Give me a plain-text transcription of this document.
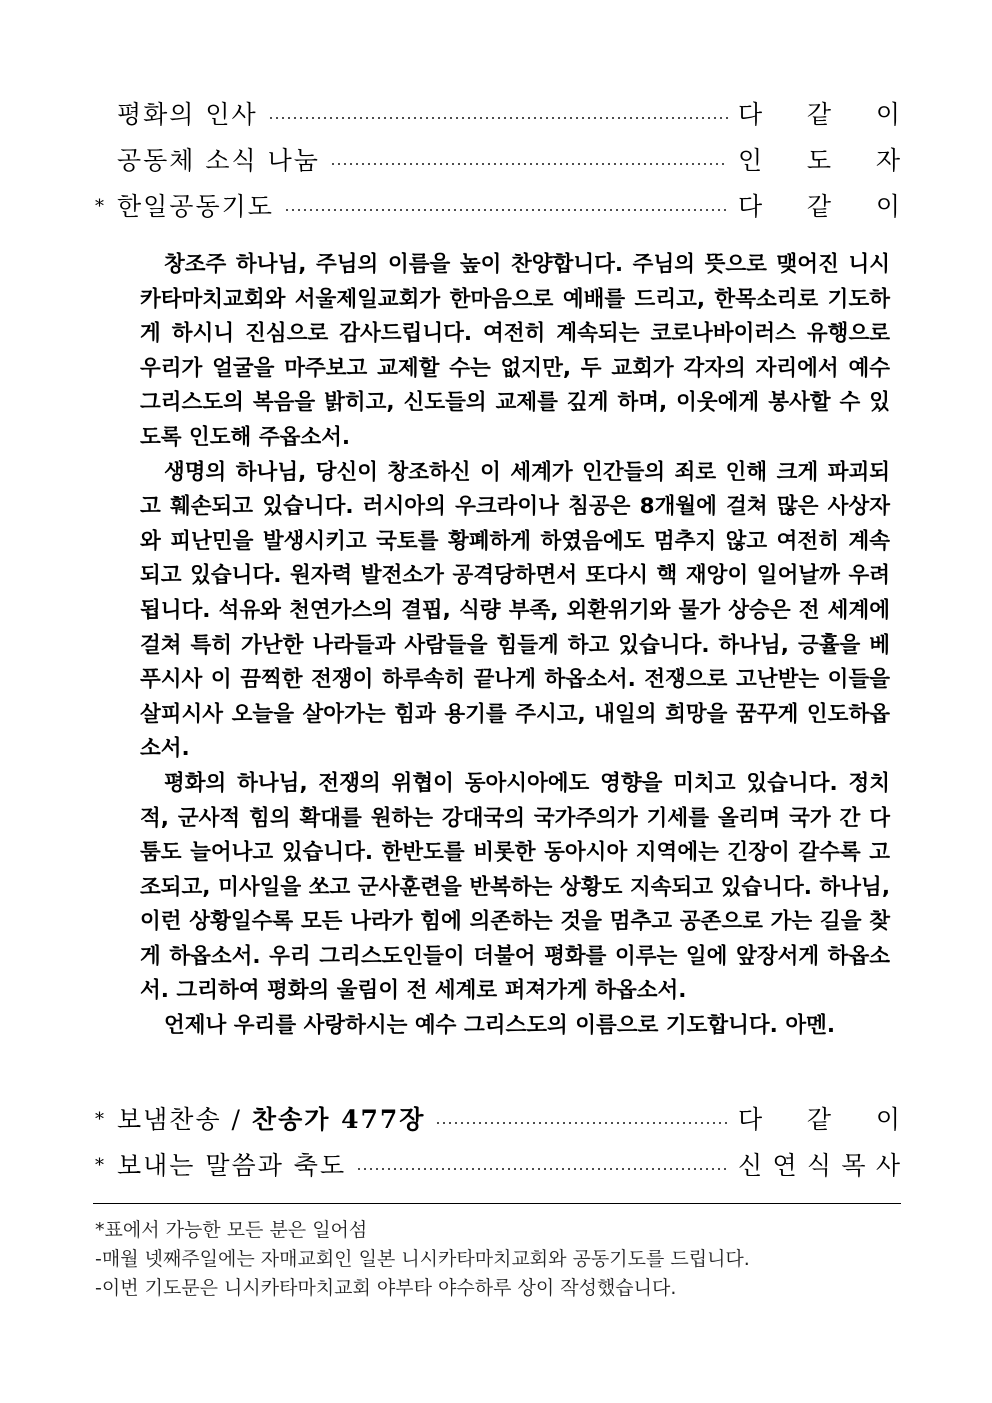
평화의 인사	다 같 이
공동체 소식 나눔	인 도 자
* 한일공동기도	다 같 이

창조주 하나님, 주님의 이름을 높이 찬양합니다. 주님의 뜻으로 맺어진 니시카타마치교회와 서울제일교회가 한마음으로 예배를 드리고, 한목소리로 기도하게 하시니 진심으로 감사드립니다. 여전히 계속되는 코로나바이러스 유행으로 우리가 얼굴을 마주보고 교제할 수는 없지만, 두 교회가 각자의 자리에서 예수 그리스도의 복음을 밝히고, 신도들의 교제를 깊게 하며, 이웃에게 봉사할 수 있도록 인도해 주옵소서.

생명의 하나님, 당신이 창조하신 이 세계가 인간들의 죄로 인해 크게 파괴되고 훼손되고 있습니다. 러시아의 우크라이나 침공은 8개월에 걸쳐 많은 사상자와 피난민을 발생시키고 국토를 황폐하게 하였음에도 멈추지 않고 여전히 계속되고 있습니다. 원자력 발전소가 공격당하면서 또다시 핵 재앙이 일어날까 우려됩니다. 석유와 천연가스의 결핍, 식량 부족, 외환위기와 물가 상승은 전 세계에 걸쳐 특히 가난한 나라들과 사람들을 힘들게 하고 있습니다. 하나님, 긍휼을 베푸시사 이 끔찍한 전쟁이 하루속히 끝나게 하옵소서. 전쟁으로 고난받는 이들을 살피시사 오늘을 살아가는 힘과 용기를 주시고, 내일의 희망을 꿈꾸게 인도하옵소서.

평화의 하나님, 전쟁의 위협이 동아시아에도 영향을 미치고 있습니다. 정치적, 군사적 힘의 확대를 원하는 강대국의 국가주의가 기세를 올리며 국가 간 다툼도 늘어나고 있습니다. 한반도를 비롯한 동아시아 지역에는 긴장이 갈수록 고조되고, 미사일을 쏘고 군사훈련을 반복하는 상황도 지속되고 있습니다. 하나님, 이런 상황일수록 모든 나라가 힘에 의존하는 것을 멈추고 공존으로 가는 길을 찾게 하옵소서. 우리 그리스도인들이 더불어 평화를 이루는 일에 앞장서게 하옵소서. 그리하여 평화의 울림이 전 세계로 퍼져가게 하옵소서.

언제나 우리를 사랑하시는 예수 그리스도의 이름으로 기도합니다. 아멘.

* 보냄찬송 / 찬송가 477장	다 같 이
* 보내는 말씀과 축도	신 연 식 목 사
*표에서 가능한 모든 분은 일어섬
-매월 넷째주일에는 자매교회인 일본 니시카타마치교회와 공동기도를 드립니다.
-이번 기도문은 니시카타마치교회 야부타 야수하루 상이 작성했습니다.
